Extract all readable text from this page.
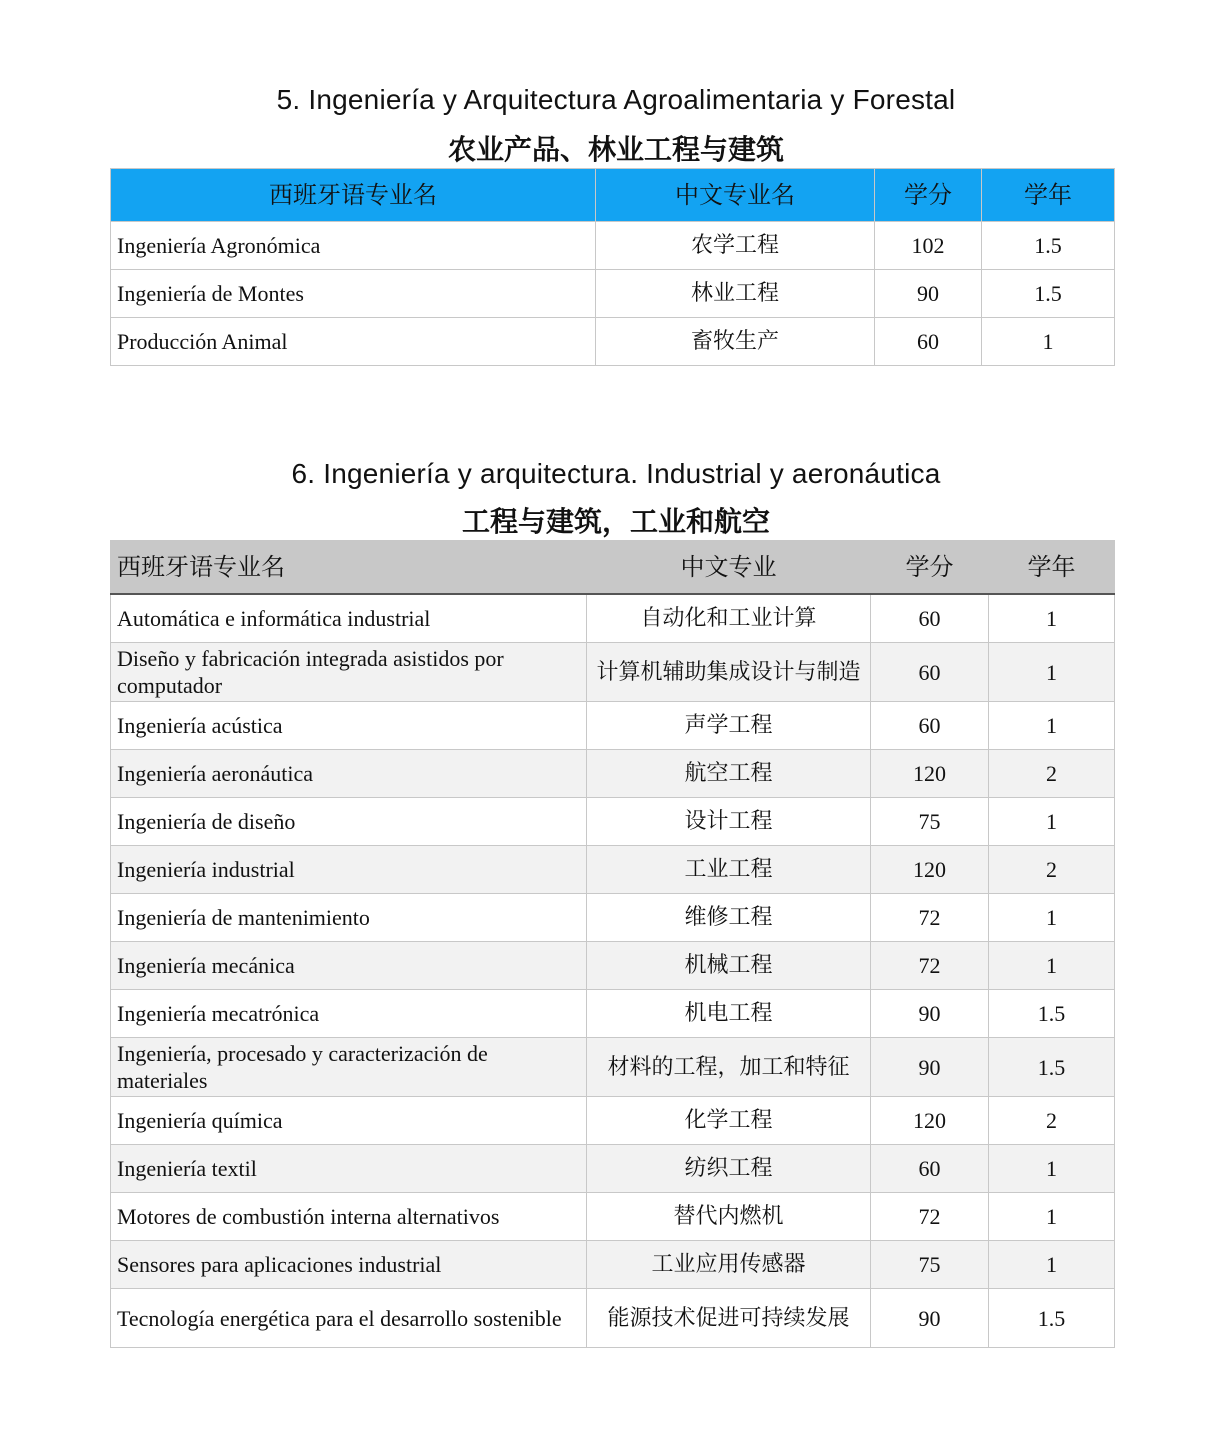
5. Ingeniería y Arquitectura Agroalimentaria y Forestal
农业产品、林业工程与建筑
西班牙语专业名	中文专业名	学分	学年
Ingeniería Agronómica	农学工程	102	1.5
Ingeniería de Montes	林业工程	90	1.5
Producción Animal	畜牧生产	60	1
6. Ingeniería y arquitectura. Industrial y aeronáutica
工程与建筑，工业和航空
西班牙语专业名	中文专业	学分	学年
Automática e informática industrial	自动化和工业计算	60	1
Diseño y fabricación integrada asistidos por computador	计算机辅助集成设计与制造	60	1
Ingeniería acústica	声学工程	60	1
Ingeniería aeronáutica	航空工程	120	2
Ingeniería de diseño	设计工程	75	1
Ingeniería industrial	工业工程	120	2
Ingeniería de mantenimiento	维修工程	72	1
Ingeniería mecánica	机械工程	72	1
Ingeniería mecatrónica	机电工程	90	1.5
Ingeniería, procesado y caracterización de materiales	材料的工程，加工和特征	90	1.5
Ingeniería química	化学工程	120	2
Ingeniería textil	纺织工程	60	1
Motores de combustión interna alternativos	替代内燃机	72	1
Sensores para aplicaciones industrial	工业应用传感器	75	1
Tecnología energética para el desarrollo sostenible	能源技术促进可持续发展	90	1.5
